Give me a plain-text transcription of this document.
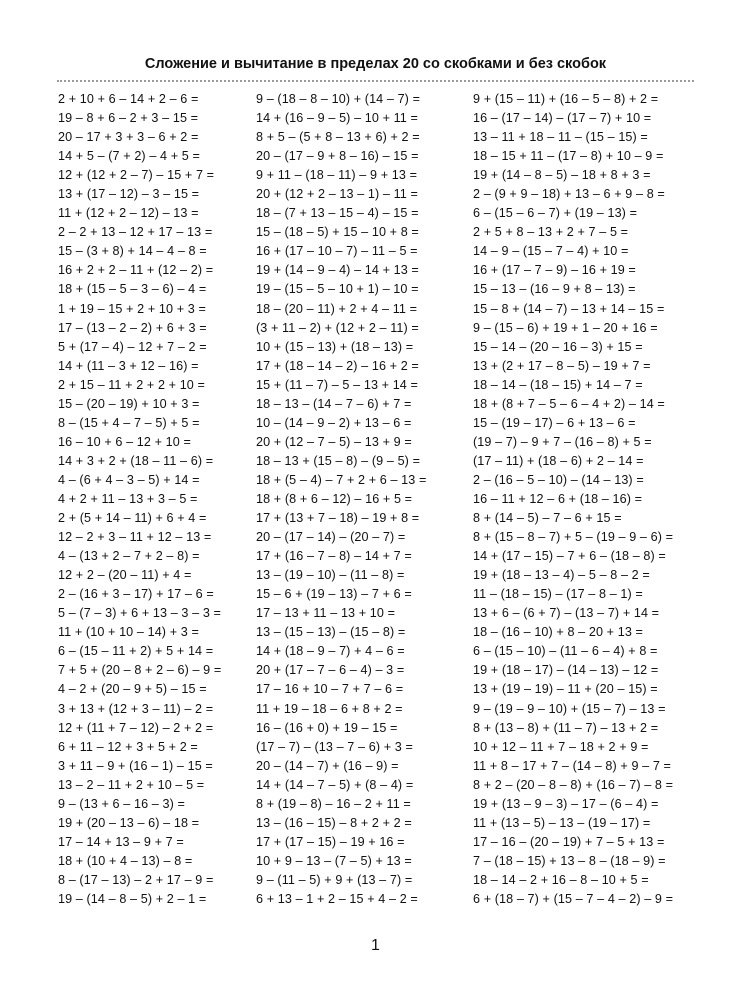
Сложение и вычитание в пределах 20 со скобками и без скобок
2 + 10 + 6 – 14 + 2 – 6 =
19 – 8 + 6 – 2 + 3 – 15 =
20 – 17 + 3 + 3 – 6 + 2 =
14 + 5 – (7 + 2) – 4 + 5 =
12 + (12 + 2 – 7) – 15 + 7 =
13 + (17 – 12) – 3 – 15 =
11 + (12 + 2 – 12) – 13 =
2 – 2 + 13 – 12 + 17 – 13 =
15 – (3 + 8) + 14 – 4 – 8 =
16 + 2 + 2 – 11 + (12 – 2) =
18 + (15 – 5 – 3 – 6) – 4 =
1 + 19 – 15 + 2 + 10 + 3 =
17 – (13 – 2 – 2) + 6 + 3 =
5 + (17 – 4) – 12 + 7 – 2 =
14 + (11 – 3 + 12 – 16) =
2 + 15 – 11 + 2 + 2 + 10 =
15 – (20 – 19) + 10 + 3 =
8 – (15 + 4 – 7 – 5) + 5 =
16 – 10 + 6 – 12 + 10 =
14 + 3 + 2 + (18 – 11 – 6) =
4 – (6 + 4 – 3 – 5) + 14 =
4 + 2 + 11 – 13 + 3 – 5 =
2 + (5 + 14 – 11) + 6 + 4 =
12 – 2 + 3 – 11 + 12 – 13 =
4 – (13 + 2 – 7 + 2 – 8) =
12 + 2 – (20 – 11) + 4 =
2 – (16 + 3 – 17) + 17 – 6 =
5 – (7 – 3) + 6 + 13 – 3 – 3 =
11 + (10 + 10 – 14) + 3 =
6 – (15 – 11 + 2) + 5 + 14 =
7 + 5 + (20 – 8 + 2 – 6) – 9 =
4 – 2 + (20 – 9 + 5) – 15 =
3 + 13 + (12 + 3 – 11) – 2 =
12 + (11 + 7 – 12) – 2 + 2 =
6 + 11 – 12 + 3 + 5 + 2 =
3 + 11 – 9 + (16 – 1) – 15 =
13 – 2 – 11 + 2 + 10 – 5 =
9 – (13 + 6 – 16 – 3) =
19 + (20 – 13 – 6) – 18 =
17 – 14 + 13 – 9 + 7 =
18 + (10 + 4 – 13) – 8 =
8 – (17 – 13) – 2 + 17 – 9 =
19 – (14 – 8 – 5) + 2 – 1 =
9 – (18 – 8 – 10) + (14 – 7) =
14 + (16 – 9 – 5) – 10 + 11 =
8 + 5 – (5 + 8 – 13 + 6) + 2 =
20 – (17 – 9 + 8 – 16) – 15 =
9 + 11 – (18 – 11) – 9 + 13 =
20 + (12 + 2 – 13 – 1) – 11 =
18 – (7 + 13 – 15 – 4) – 15 =
15 – (18 – 5) + 15 – 10 + 8 =
16 + (17 – 10 – 7) – 11 – 5 =
19 + (14 – 9 – 4) – 14 + 13 =
19 – (15 – 5 – 10 + 1) – 10 =
18 – (20 – 11) + 2 + 4 – 11 =
(3 + 11 – 2) + (12 + 2 – 11) =
10 + (15 – 13) + (18 – 13) =
17 + (18 – 14 – 2) – 16 + 2 =
15 + (11 – 7) – 5 – 13 + 14 =
18 – 13 – (14 – 7 – 6) + 7 =
10 – (14 – 9 – 2) + 13 – 6 =
20 + (12 – 7 – 5) – 13 + 9 =
18 – 13 + (15 – 8) – (9 – 5) =
18 + (5 – 4) – 7 + 2 + 6 – 13 =
18 + (8 + 6 – 12) – 16 + 5 =
17 + (13 + 7 – 18) – 19 + 8 =
20 – (17 – 14) – (20 – 7) =
17 + (16 – 7 – 8) – 14 + 7 =
13 – (19 – 10) – (11 – 8) =
15 – 6 + (19 – 13) – 7 + 6 =
17 – 13 + 11 – 13 + 10 =
13 – (15 – 13) – (15 – 8) =
14 + (18 – 9 – 7) + 4 – 6 =
20 + (17 – 7 – 6 – 4) – 3 =
17 – 16 + 10 – 7 + 7 – 6 =
11 + 19 – 18 – 6 + 8 + 2 =
16 – (16 + 0) + 19 – 15 =
(17 – 7) – (13 – 7 – 6) + 3 =
20 – (14 – 7) + (16 – 9) =
14 + (14 – 7 – 5) + (8 – 4) =
8 + (19 – 8) – 16 – 2 + 11 =
13 – (16 – 15) – 8 + 2 + 2 =
17 + (17 – 15) – 19 + 16 =
10 + 9 – 13 – (7 – 5) + 13 =
9 – (11 – 5) + 9 + (13 – 7) =
6 + 13 – 1 + 2 – 15 + 4 – 2 =
9 + (15 – 11) + (16 – 5 – 8) + 2 =
16 – (17 – 14) – (17 – 7) + 10 =
13 – 11 + 18 – 11 – (15 – 15) =
18 – 15 + 11 – (17 – 8) + 10 – 9 =
19 + (14 – 8 – 5) – 18 + 8 + 3 =
2 – (9 + 9 – 18) + 13 – 6 + 9 – 8 =
6 – (15 – 6 – 7) + (19 – 13) =
2 + 5 + 8 – 13 + 2 + 7 – 5 =
14 – 9 – (15 – 7 – 4) + 10 =
16 + (17 – 7 – 9) – 16 + 19 =
15 – 13 – (16 – 9 + 8 – 13) =
15 – 8 + (14 – 7) – 13 + 14 – 15 =
9 – (15 – 6) + 19 + 1 – 20 + 16 =
15 – 14 – (20 – 16 – 3) + 15 =
13 + (2 + 17 – 8 – 5) – 19 + 7 =
18 – 14 – (18 – 15) + 14 – 7 =
18 + (8 + 7 – 5 – 6 – 4 + 2) – 14 =
15 – (19 – 17) – 6 + 13 – 6 =
(19 – 7) – 9 + 7 – (16 – 8) + 5 =
(17 – 11) + (18 – 6) + 2 – 14 =
2 – (16 – 5 – 10) – (14 – 13) =
16 – 11 + 12 – 6 + (18 – 16) =
8 + (14 – 5) – 7 – 6 + 15 =
8 + (15 – 8 – 7) + 5 – (19 – 9 – 6) =
14 + (17 – 15) – 7 + 6 – (18 – 8) =
19 + (18 – 13 – 4) – 5 – 8 – 2 =
11 – (18 – 15) – (17 – 8 – 1) =
13 + 6 – (6 + 7) – (13 – 7) + 14 =
18 – (16 – 10) + 8 – 20 + 13 =
6 – (15 – 10) – (11 – 6 – 4) + 8 =
19 + (18 – 17) – (14 – 13) – 12 =
13 + (19 – 19) – 11 + (20 – 15) =
9 – (19 – 9 – 10) + (15 – 7) – 13 =
8 + (13 – 8) + (11 – 7) – 13 + 2 =
10 + 12 – 11 + 7 – 18 + 2 + 9 =
11 + 8 – 17 + 7 – (14 – 8) + 9 – 7 =
8 + 2 – (20 – 8 – 8) + (16 – 7) – 8 =
19 + (13 – 9 – 3) – 17 – (6 – 4) =
11 + (13 – 5) – 13 – (19 – 17) =
17 – 16 – (20 – 19) + 7 – 5 + 13 =
7 – (18 – 15) + 13 – 8 – (18 – 9) =
18 – 14 – 2 + 16 – 8 – 10 + 5 =
6 + (18 – 7) + (15 – 7 – 4 – 2) – 9 =
1
